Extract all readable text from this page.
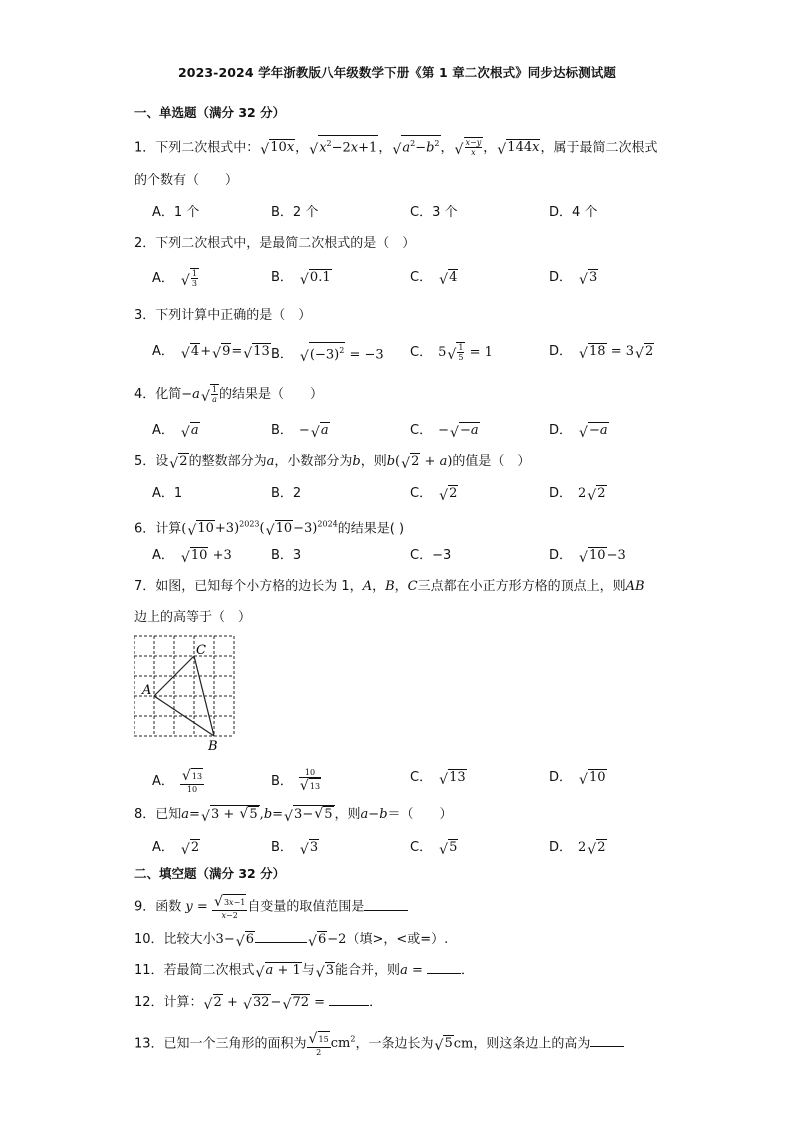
2023-2024 学年浙教版八年级数学下册《第 1 章二次根式》同步达标测试题
一、单选题（满分 32 分）
1．下列二次根式中： √ 10x， √ $x^2-2x+1$， √ $a^2-b^2$， √ $\frac{x-y}{x}$ ， √ 144x，属于最简二次根式
的个数有（　　）
A．1 个	B．2 个	C．3 个	D．4 个
2．下列二次根式中，是最简二次根式的是（　）
A． √ $\frac{1}{3}$	B． √ 0.1	C． √ 4	D． √ 3
3．下列计算中正确的是（　）
A． √ 4+ √ 9= √ 13 B． √ $(-3)^2 = -3$ C． 5 √ $\frac{1}{5} = 1$	D． √ 18 = 3 √ 2
4．化简−a √ $\frac{1}{a}$ 的结果是（　　）
A． √ a	B． − √ a	C． − √ −a	D． √ −a
5．设 √ 2的整数部分为a，小数部分为b，则b( √ 2 + a)的值是（　）
A．1	B．2	C． √ 2	D． 2 √ 2
6．计算( √ 10+3)$^{2023}$( √ 10−3)$^{2024}$的结果是( )
A． √ 10 +3	B．3	C．−3	D． √ 10−3
7．如图，已知每个小方格的边长为 1，A，B，C三点都在小正方形方格的顶点上，则AB
边上的高等于（　）
A
B
C
A． √ $\frac{13}{10}$	B． 10
√ 13	C． √ 13	D． √ 10
8．已知a= √ 3 + √ 5 ,b= √ 3− √ 5 ，则a−b＝（　　）
A． √ 2	B． √ 3	C． √ 5	D． 2 √ 2
二、填空题（满分 32 分）
9．函数 y = √ $\frac{3x-1}{x-2}$ 自变量的取值范围是
10．比较大小3− √ 6	√ 6−2（填>，<或=）.
11．若最简二次根式 √ a + 1与 √ 3能合并，则a =	．
12．计算： √ 2 + √ 32− √ 72 =	．
13．已知一个三角形的面积为 √ $\frac{15}{2} cm^2$，一条边长为 √ 5cm，则这条边上的高为
